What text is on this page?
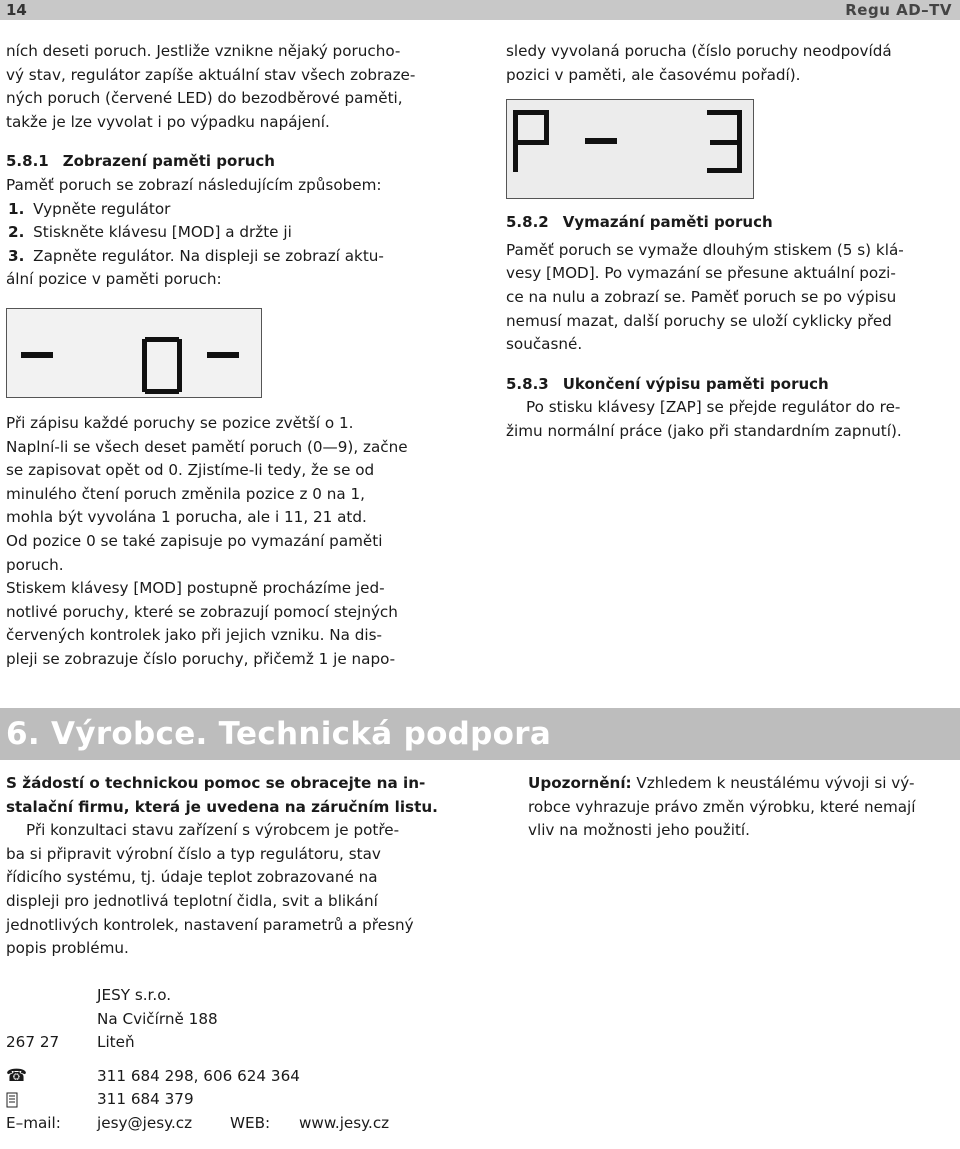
14	Regu AD–TV
ních deseti poruch. Jestliže vznikne nějaký porucho-
vý stav, regulátor zapíše aktuální stav všech zobraze-
ných poruch (červené LED) do bezodběrové paměti,
takže je lze vyvolat i po výpadku napájení.
5.8.1 Zobrazení paměti poruch
Paměť poruch se zobrazí následujícím způsobem:
1. Vypněte regulátor
2. Stiskněte klávesu [MOD] a držte ji
3. Zapněte regulátor. Na displeji se zobrazí aktu-
ální pozice v paměti poruch:
Při zápisu každé poruchy se pozice zvětší o 1.
Naplní-li se všech deset pamětí poruch (0—9), začne
se zapisovat opět od 0. Zjistíme-li tedy, že se od
minulého čtení poruch změnila pozice z 0 na 1,
mohla být vyvolána 1 porucha, ale i 11, 21 atd.
Od pozice 0 se také zapisuje po vymazání paměti
poruch.
Stiskem klávesy [MOD] postupně procházíme jed-
notlivé poruchy, které se zobrazují pomocí stejných
červených kontrolek jako při jejich vzniku. Na dis-
pleji se zobrazuje číslo poruchy, přičemž 1 je napo-
sledy vyvolaná porucha (číslo poruchy neodpovídá
pozici v paměti, ale časovému pořadí).
5.8.2 Vymazání paměti poruch
Paměť poruch se vymaže dlouhým stiskem (5 s) klá-
vesy [MOD]. Po vymazání se přesune aktuální pozi-
ce na nulu a zobrazí se. Paměť poruch se po výpisu
nemusí mazat, další poruchy se uloží cyklicky před
současné.
5.8.3 Ukončení výpisu paměti poruch
Po stisku klávesy [ZAP] se přejde regulátor do re-
žimu normální práce (jako při standardním zapnutí).
6. Výrobce. Technická podpora
S žádostí o technickou pomoc se obracejte na in-
stalační firmu, která je uvedena na záručním listu.
Při konzultaci stavu zařízení s výrobcem je potře-
ba si připravit výrobní číslo a typ regulátoru, stav
řídicího systému, tj. údaje teplot zobrazované na
displeji pro jednotlivá teplotní čidla, svit a blikání
jednotlivých kontrolek, nastavení parametrů a přesný
popis problému.
Upozornění: Vzhledem k neustálému vývoji si vý-
robce vyhrazuje právo změn výrobku, které nemají
vliv na možnosti jeho použití.
JESY s.r.o.
Na Cvičírně 188
267 27 Liteň
☎	311 684 298, 606 624 364
311 684 379
E–mail: jesy@jesy.cz WEB: www.jesy.cz
